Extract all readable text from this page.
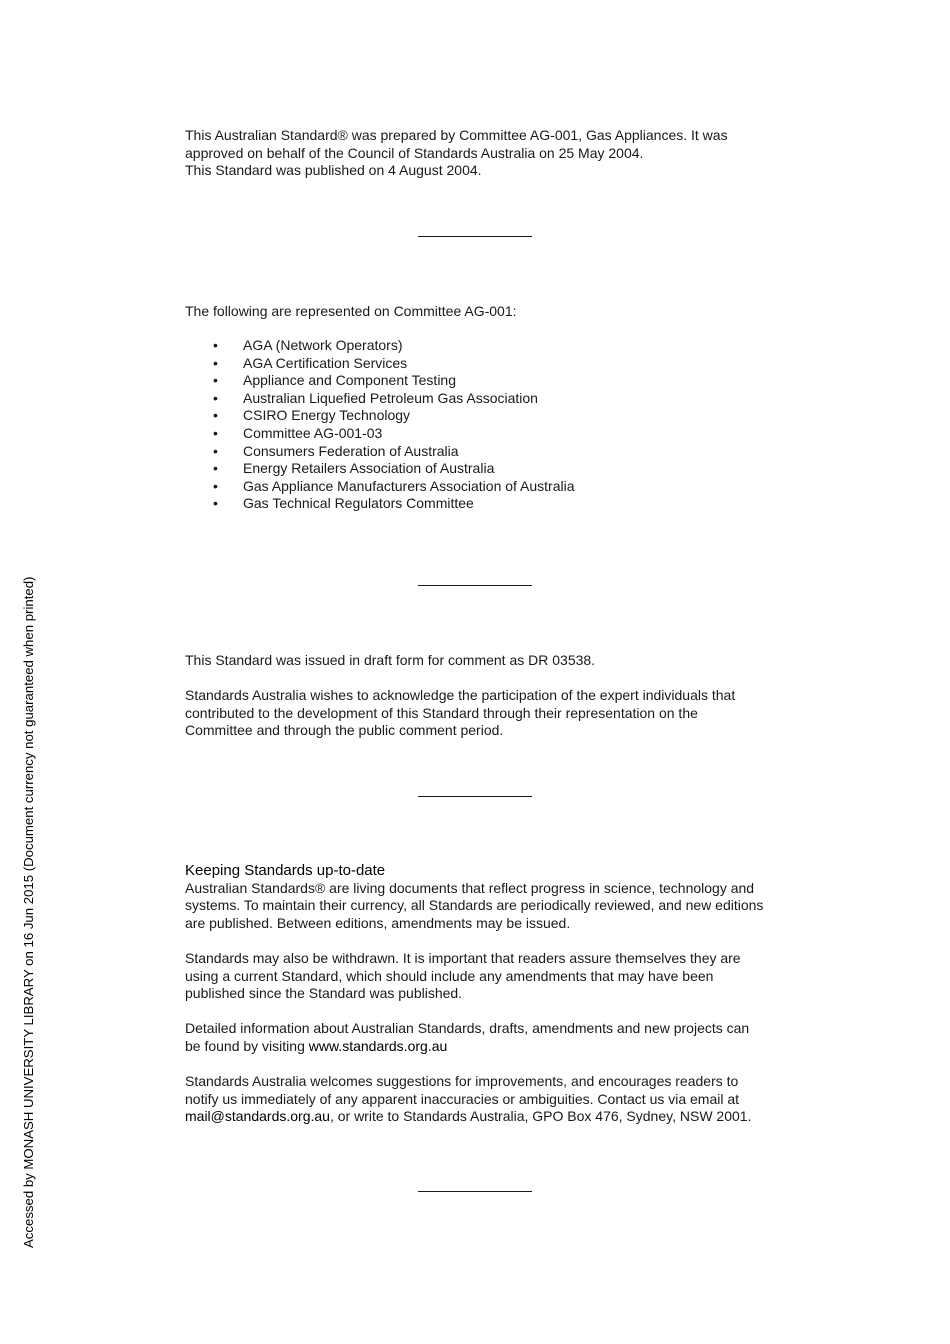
This Australian Standard® was prepared by Committee AG-001, Gas Appliances. It was

approved on behalf of the Council of Standards Australia on 25 May 2004.

This Standard was published on 4 August 2004.

The following are represented on Committee AG-001:

• AGA (Network Operators)
• AGA Certification Services
• Appliance and Component Testing
• Australian Liquefied Petroleum Gas Association
• CSIRO Energy Technology
• Committee AG-001-03
• Consumers Federation of Australia
• Energy Retailers Association of Australia
• Gas Appliance Manufacturers Association of Australia
• Gas Technical Regulators Committee

This Standard was issued in draft form for comment as DR 03538.

Standards Australia wishes to acknowledge the participation of the expert individuals that

contributed to the development of this Standard through their representation on the

Committee and through the public comment period.

Keeping Standards up-to-date

Australian Standards® are living documents that reflect progress in science, technology and

systems. To maintain their currency, all Standards are periodically reviewed, and new editions

are published. Between editions, amendments may be issued.

Standards may also be withdrawn. It is important that readers assure themselves they are

using a current Standard, which should include any amendments that may have been

published since the Standard was published.

Detailed information about Australian Standards, drafts, amendments and new projects can

be found by visiting www.standards.org.au

Standards Australia welcomes suggestions for improvements, and encourages readers to

notify us immediately of any apparent inaccuracies or ambiguities. Contact us via email at

mail@standards.org.au, or write to Standards Australia, GPO Box 476, Sydney, NSW 2001.

Accessed by MONASH UNIVERSITY LIBRARY on 16 Jun 2015 (Document currency not guaranteed when printed)
